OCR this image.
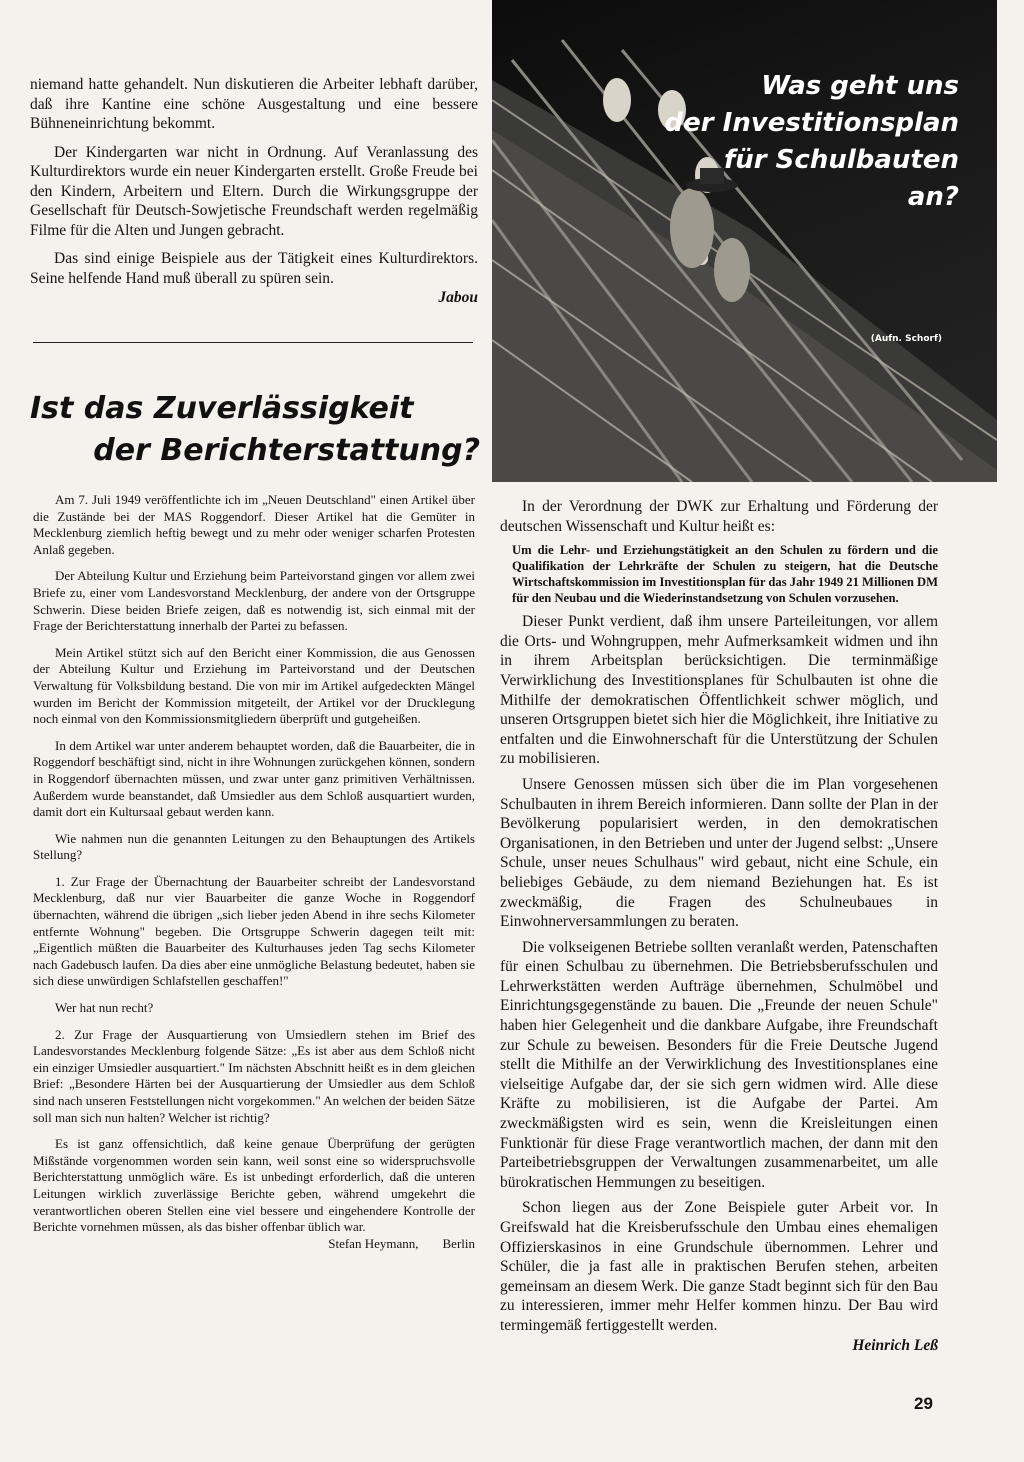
niemand hatte gehandelt. Nun diskutieren die Arbeiter lebhaft darüber, daß ihre Kantine eine schöne Ausgestaltung und eine bessere Bühneneinrichtung bekommt.

Der Kindergarten war nicht in Ordnung. Auf Veranlassung des Kulturdirektors wurde ein neuer Kindergarten erstellt. Große Freude bei den Kindern, Arbeitern und Eltern. Durch die Wirkungsgruppe der Gesellschaft für Deutsch-Sowjetische Freundschaft werden regelmäßig Filme für die Alten und Jungen gebracht.

Das sind einige Beispiele aus der Tätigkeit eines Kulturdirektors. Seine helfende Hand muß überall zu spüren sein.

Jabou
Ist das Zuverlässigkeit
der Berichterstattung?

Am 7. Juli 1949 veröffentlichte ich im „Neuen Deutschland" einen Artikel über die Zustände bei der MAS Roggendorf. Dieser Artikel hat die Gemüter in Mecklenburg ziemlich heftig bewegt und zu mehr oder weniger scharfen Protesten Anlaß gegeben.

Der Abteilung Kultur und Erziehung beim Parteivorstand gingen vor allem zwei Briefe zu, einer vom Landesvorstand Mecklenburg, der andere von der Ortsgruppe Schwerin. Diese beiden Briefe zeigen, daß es notwendig ist, sich einmal mit der Frage der Berichterstattung innerhalb der Partei zu befassen.

Mein Artikel stützt sich auf den Bericht einer Kommission, die aus Genossen der Abteilung Kultur und Erziehung im Parteivorstand und der Deutschen Verwaltung für Volksbildung bestand. Die von mir im Artikel aufgedeckten Mängel wurden im Bericht der Kommission mitgeteilt, der Artikel vor der Drucklegung noch einmal von den Kommissionsmitgliedern überprüft und gutgeheißen.

In dem Artikel war unter anderem behauptet worden, daß die Bauarbeiter, die in Roggendorf beschäftigt sind, nicht in ihre Wohnungen zurückgehen können, sondern in Roggendorf übernachten müssen, und zwar unter ganz primitiven Verhältnissen. Außerdem wurde beanstandet, daß Umsiedler aus dem Schloß ausquartiert wurden, damit dort ein Kultursaal gebaut werden kann.

Wie nahmen nun die genannten Leitungen zu den Behauptungen des Artikels Stellung?

1. Zur Frage der Übernachtung der Bauarbeiter schreibt der Landesvorstand Mecklenburg, daß nur vier Bauarbeiter die ganze Woche in Roggendorf übernachten, während die übrigen „sich lieber jeden Abend in ihre sechs Kilometer entfernte Wohnung" begeben. Die Ortsgruppe Schwerin dagegen teilt mit: „Eigentlich müßten die Bauarbeiter des Kulturhauses jeden Tag sechs Kilometer nach Gadebusch laufen. Da dies aber eine unmögliche Belastung bedeutet, haben sie sich diese unwürdigen Schlafstellen geschaffen!"

Wer hat nun recht?

2. Zur Frage der Ausquartierung von Umsiedlern stehen im Brief des Landesvorstandes Mecklenburg folgende Sätze: „Es ist aber aus dem Schloß nicht ein einziger Umsiedler ausquartiert." Im nächsten Abschnitt heißt es in dem gleichen Brief: „Besondere Härten bei der Ausquartierung der Umsiedler aus dem Schloß sind nach unseren Feststellungen nicht vorgekommen." An welchen der beiden Sätze soll man sich nun halten? Welcher ist richtig?

Es ist ganz offensichtlich, daß keine genaue Überprüfung der gerügten Mißstände vorgenommen worden sein kann, weil sonst eine so widerspruchsvolle Berichterstattung unmöglich wäre. Es ist unbedingt erforderlich, daß die unteren Leitungen wirklich zuverlässige Berichte geben, während umgekehrt die verantwortlichen oberen Stellen eine viel bessere und eingehendere Kontrolle der Berichte vornehmen müssen, als das bisher offenbar üblich war.

Stefan Heymann, Berlin
Was geht uns
der Investitionsplan
für Schulbauten
an?
(Aufn. Schorf)

In der Verordnung der DWK zur Erhaltung und Förderung der deutschen Wissenschaft und Kultur heißt es:

Um die Lehr- und Erziehungstätigkeit an den Schulen zu fördern und die Qualifikation der Lehrkräfte der Schulen zu steigern, hat die Deutsche Wirtschaftskommission im Investitionsplan für das Jahr 1949 21 Millionen DM für den Neubau und die Wiederinstandsetzung von Schulen vorzusehen.

Dieser Punkt verdient, daß ihm unsere Parteileitungen, vor allem die Orts- und Wohngruppen, mehr Aufmerksamkeit widmen und ihn in ihrem Arbeitsplan berücksichtigen. Die terminmäßige Verwirklichung des Investitionsplanes für Schulbauten ist ohne die Mithilfe der demokratischen Öffentlichkeit schwer möglich, und unseren Ortsgruppen bietet sich hier die Möglichkeit, ihre Initiative zu entfalten und die Einwohnerschaft für die Unterstützung der Schulen zu mobilisieren.

Unsere Genossen müssen sich über die im Plan vorgesehenen Schulbauten in ihrem Bereich informieren. Dann sollte der Plan in der Bevölkerung popularisiert werden, in den demokratischen Organisationen, in den Betrieben und unter der Jugend selbst: „Unsere Schule, unser neues Schulhaus" wird gebaut, nicht eine Schule, ein beliebiges Gebäude, zu dem niemand Beziehungen hat. Es ist zweckmäßig, die Fragen des Schulneubaues in Einwohnerversammlungen zu beraten.

Die volkseigenen Betriebe sollten veranlaßt werden, Patenschaften für einen Schulbau zu übernehmen. Die Betriebsberufsschulen und Lehrwerkstätten werden Aufträge übernehmen, Schulmöbel und Einrichtungsgegenstände zu bauen. Die „Freunde der neuen Schule" haben hier Gelegenheit und die dankbare Aufgabe, ihre Freundschaft zur Schule zu beweisen. Besonders für die Freie Deutsche Jugend stellt die Mithilfe an der Verwirklichung des Investitionsplanes eine vielseitige Aufgabe dar, der sie sich gern widmen wird. Alle diese Kräfte zu mobilisieren, ist die Aufgabe der Partei. Am zweckmäßigsten wird es sein, wenn die Kreisleitungen einen Funktionär für diese Frage verantwortlich machen, der dann mit den Parteibetriebsgruppen der Verwaltungen zusammenarbeitet, um alle bürokratischen Hemmungen zu beseitigen.

Schon liegen aus der Zone Beispiele guter Arbeit vor. In Greifswald hat die Kreisberufsschule den Umbau eines ehemaligen Offizierskasinos in eine Grundschule übernommen. Lehrer und Schüler, die ja fast alle in praktischen Berufen stehen, arbeiten gemeinsam an diesem Werk. Die ganze Stadt beginnt sich für den Bau zu interessieren, immer mehr Helfer kommen hinzu. Der Bau wird termingemäß fertiggestellt werden.

Heinrich Leß
29
